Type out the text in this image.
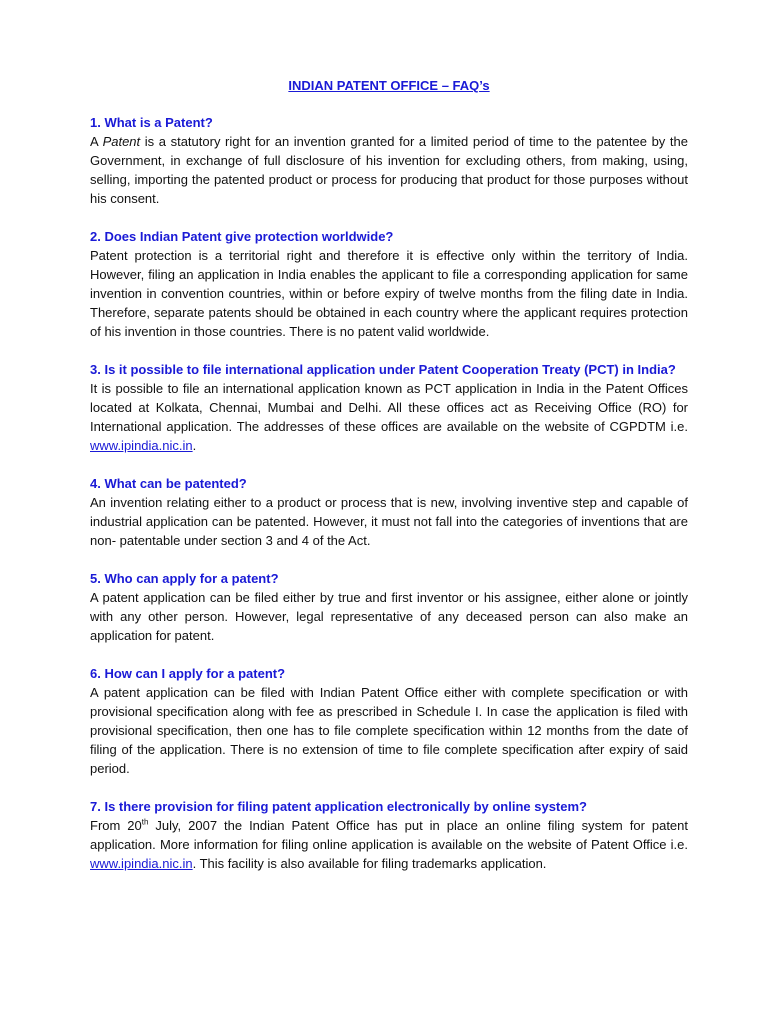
INDIAN PATENT OFFICE – FAQ’s

1. What is a Patent?

A Patent is a statutory right for an invention granted for a limited period of time to the patentee by the Government, in exchange of full disclosure of his invention for excluding others, from making, using, selling, importing the patented product or process for producing that product for those purposes without his consent.

2. Does Indian Patent give protection worldwide?

Patent protection is a territorial right and therefore it is effective only within the territory of India. However, filing an application in India enables the applicant to file a corresponding application for same invention in convention countries, within or before expiry of twelve months from the filing date in India. Therefore, separate patents should be obtained in each country where the applicant requires protection of his invention in those countries. There is no patent valid worldwide.

3. Is it possible to file international application under Patent Cooperation Treaty (PCT) in India?

It is possible to file an international application known as PCT application in India in the Patent Offices located at Kolkata, Chennai, Mumbai and Delhi. All these offices act as Receiving Office (RO) for International application. The addresses of these offices are available on the website of CGPDTM i.e. www.ipindia.nic.in.

4. What can be patented?

An invention relating either to a product or process that is new, involving inventive step and capable of industrial application can be patented. However, it must not fall into the categories of inventions that are non- patentable under section 3 and 4 of the Act.

5. Who can apply for a patent?

A patent application can be filed either by true and first inventor or his assignee, either alone or jointly with any other person. However, legal representative of any deceased person can also make an application for patent.

6. How can I apply for a patent?

A patent application can be filed with Indian Patent Office either with complete specification or with provisional specification along with fee as prescribed in Schedule I. In case the application is filed with provisional specification, then one has to file complete specification within 12 months from the date of filing of the application. There is no extension of time to file complete specification after expiry of said period.

7. Is there provision for filing patent application electronically by online system?

From 20th July, 2007 the Indian Patent Office has put in place an online filing system for patent application. More information for filing online application is available on the website of Patent Office i.e. www.ipindia.nic.in. This facility is also available for filing trademarks application.
